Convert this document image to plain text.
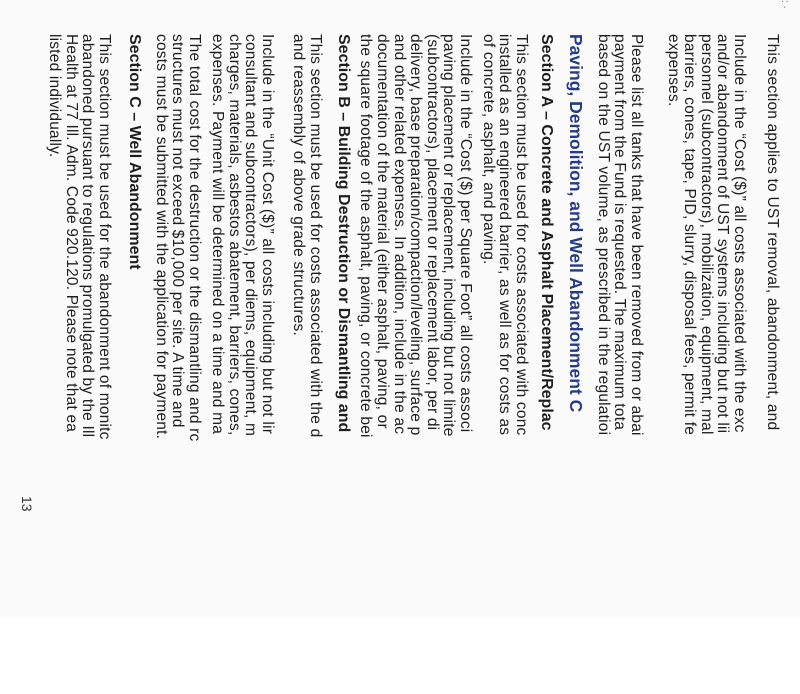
: ·
This section applies to UST removal, abandonment, and
Include in the “Cost ($)” all costs associated with the exc
and/or abandonment of UST systems including but not lii
personnel (subcontractors), mobilization, equipment, mal
barriers, cones, tape, PID, slurry, disposal fees, permit fe
expenses.
Please list all tanks that have been removed from or abai
payment from the Fund is requested. The maximum tota
based on the UST volume, as prescribed in the regulatioi
Paving, Demolition, and Well Abandonment C
Section A – Concrete and Asphalt Placement/Replac
This section must be used for costs associated with conc
installed as an engineered barrier, as well as for costs as
of concrete, asphalt, and paving.
Include in the “Cost ($) per Square Foot” all costs associ
paving placement or replacement, including but not limite
(subcontractors), placement or replacement labor, per di
delivery, base preparation/compaction/leveling, surface p
and other related expenses. In addition, include in the ac
documentation of the material (either asphalt, paving, or
the square footage of the asphalt, paving, or concrete bei
Section B – Building Destruction or Dismantling and
This section must be used for costs associated with the d
and reassembly of above grade structures.
Include in the “Unit Cost ($)” all costs including but not lir
consultant and subcontractors), per diems, equipment, m
charges, materials, asbestos abatement, barriers, cones,
expenses. Payment will be determined on a time and ma
The total cost for the destruction or the dismantling and rc
structures must not exceed $10,000 per site. A time and
costs must be submitted with the application for payment.
Section C – Well Abandonment
This section must be used for the abandonment of monitc
abandoned pursuant to regulations promulgated by the Ill
Health at 77 Ill. Adm. Code 920.120. Please note that ea
listed individually.
13
